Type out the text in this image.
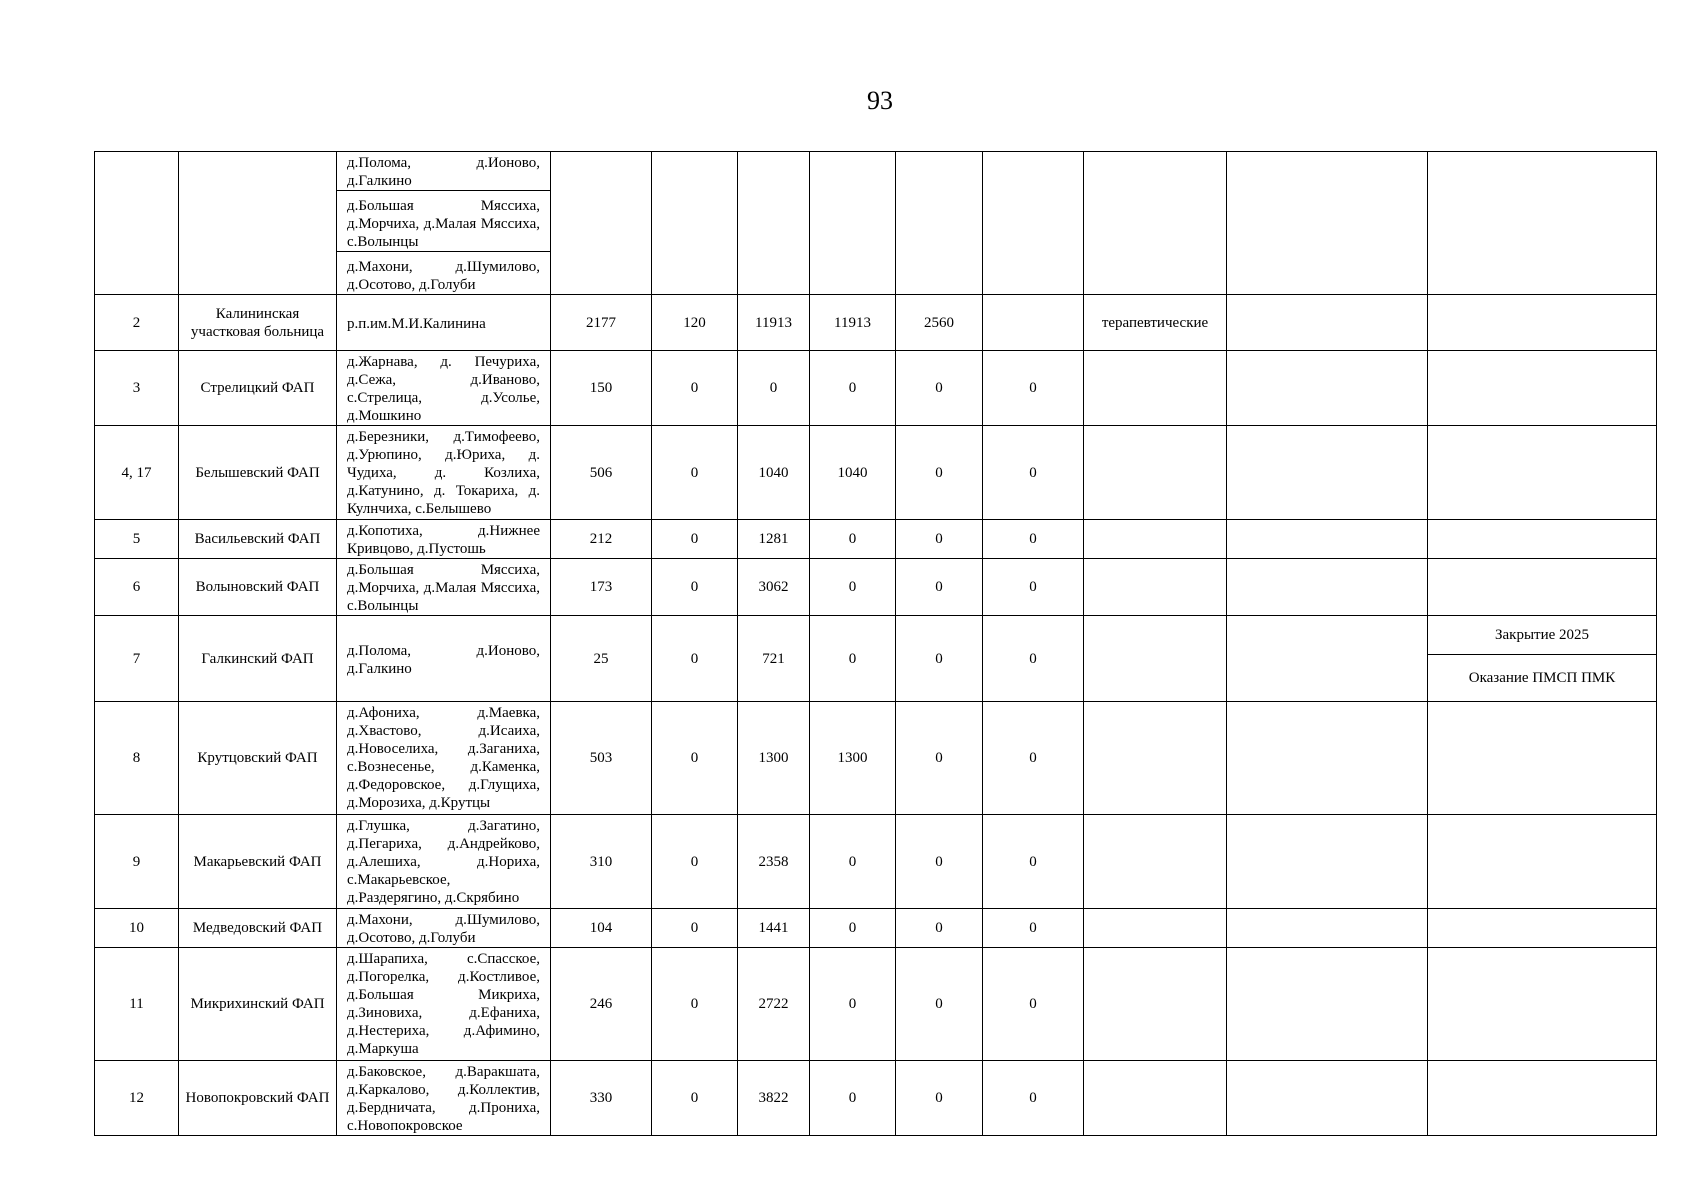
93

		д.Полома, д.Ионово, д.Галкино
д.Большая Мяссиха, д.Морчиха, д.Малая Мяссиха, с.Волынцы
д.Махони, д.Шумилово, д.Осотово, д.Голуби									

2	Калининская участковая больница	р.п.им.М.И.Калинина	2177	120	11913	11913	2560		терапевтические		
3	Стрелицкий ФАП	д.Жарнава, д. Печуриха, д.Сежа, д.Иваново, с.Стрелица, д.Усолье, д.Мошкино	150	0	0	0	0	0			
4, 17	Белышевский ФАП	д.Березники, д.Тимофеево, д.Урюпино, д.Юриха, д. Чудиха, д. Козлиха, д.Катунино, д. Токариха, д. Кулнчиха, с.Белышево	506	0	1040	1040	0	0			
5	Васильевский ФАП	д.Копотиха, д.Нижнее Кривцово, д.Пустошь	212	0	1281	0	0	0			
6	Волыновский ФАП	д.Большая Мяссиха, д.Морчиха, д.Малая Мяссиха, с.Волынцы	173	0	3062	0	0	0			
7	Галкинский ФАП	д.Полома, д.Ионово, д.Галкино	25	0	721	0	0	0			Закрытие 2025
Оказание ПМСП ПМК

8	Крутцовский ФАП	д.Афониха, д.Маевка, д.Хвастово, д.Исаиха, д.Новоселиха, д.Заганиха, с.Вознесенье, д.Каменка, д.Федоровское, д.Глущиха, д.Морозиха, д.Крутцы	503	0	1300	1300	0	0			
9	Макарьевский ФАП	д.Глушка, д.Загатино, д.Пегариха, д.Андрейково, д.Алешиха, д.Нориха, с.Макарьевское, д.Раздерягино, д.Скрябино	310	0	2358	0	0	0			
10	Медведовский ФАП	д.Махони, д.Шумилово, д.Осотово, д.Голуби	104	0	1441	0	0	0			
11	Микрихинский ФАП	д.Шарапиха, с.Спасское, д.Погорелка, д.Костливое, д.Большая Микриха, д.Зиновиха, д.Ефаниха, д.Нестериха, д.Афимино, д.Маркуша	246	0	2722	0	0	0			
12	Новопокровский ФАП	д.Баковское, д.Варакшата, д.Каркалово, д.Коллектив, д.Бердничата, д.Прониха, с.Новопокровское	330	0	3822	0	0	0			
